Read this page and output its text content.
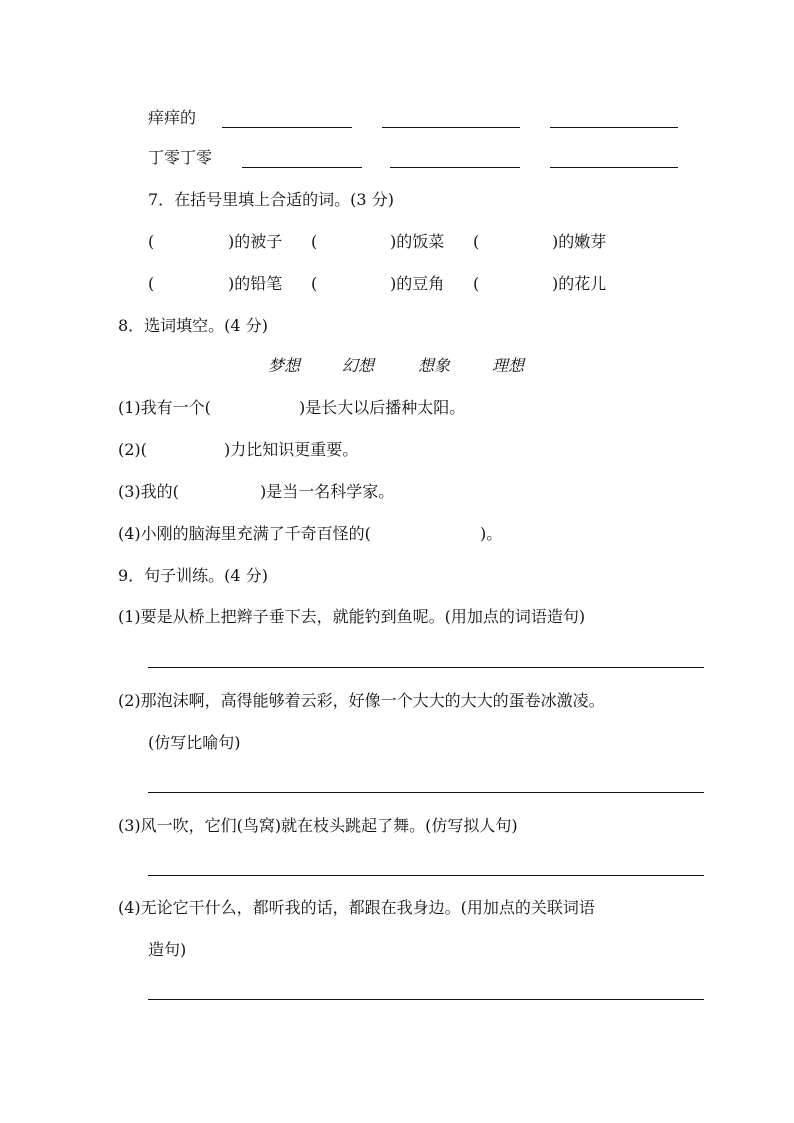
痒痒的
丁零丁零
7．在括号里填上合适的词。(3 分)
(	)的被子 (	)的饭菜 (	)的嫩芽
(	)的铅笔 (	)的豆角 (	)的花儿
8．选词填空。(4 分)
梦想	幻想	想象	理想
(1)我有一个(	)是长大以后播种太阳。
(2)(	)力比知识更重要。
(3)我的(	)是当一名科学家。
(4)小刚的脑海里充满了千奇百怪的(	)。
9．句子训练。(4 分)
(1)要是从桥上把辫子垂下去，就能钓到鱼呢。(用加点的词语造句)
(2)那泡沫啊，高得能够着云彩，好像一个大大的大大的蛋卷冰激凌。
(仿写比喻句)
(3)风一吹，它们(鸟窝)就在枝头跳起了舞。(仿写拟人句)
(4)无论它干什么，都听我的话，都跟在我身边。(用加点的关联词语
造句)
